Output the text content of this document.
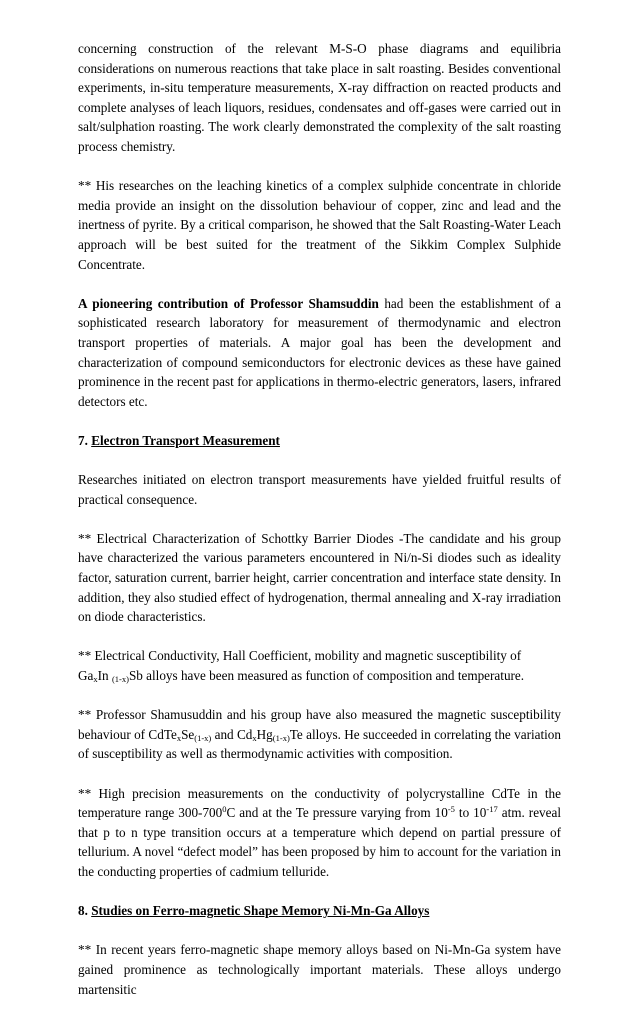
concerning construction of the relevant M-S-O phase diagrams and equilibria considerations on numerous reactions that take place in salt roasting. Besides conventional experiments, in-situ temperature measurements, X-ray diffraction on reacted products and complete analyses of leach liquors, residues, condensates and off-gases were carried out in salt/sulphation roasting. The work clearly demonstrated the complexity of the salt roasting process chemistry.

** His researches on the leaching kinetics of a complex sulphide concentrate in chloride media provide an insight on the dissolution behaviour of copper, zinc and lead and the inertness of pyrite. By a critical comparison, he showed that the Salt Roasting-Water Leach approach will be best suited for the treatment of the Sikkim Complex Sulphide Concentrate.

A pioneering contribution of Professor Shamsuddin had been the establishment of a sophisticated research laboratory for measurement of thermodynamic and electron transport properties of materials. A major goal has been the development and characterization of compound semiconductors for electronic devices as these have gained prominence in the recent past for applications in thermo-electric generators, lasers, infrared detectors etc.

7. Electron Transport Measurement

Researches initiated on electron transport measurements have yielded fruitful results of practical consequence.

** Electrical Characterization of Schottky Barrier Diodes -The candidate and his group have characterized the various parameters encountered in Ni/n-Si diodes such as ideality factor, saturation current, barrier height, carrier concentration and interface state density. In addition, they also studied effect of hydrogenation, thermal annealing and X-ray irradiation on diode characteristics.

** Electrical Conductivity, Hall Coefficient, mobility and magnetic susceptibility of
$Ga_xIn$ $_{(1-x)}$Sb alloys have been measured as function of composition and temperature.

** Professor Shamusuddin and his group have also measured the magnetic susceptibility behaviour of $CdTe_xSe_{(1-x)}$ and $Cd_xHg_{(1-x)}Te$ alloys. He succeeded in correlating the variation of susceptibility as well as thermodynamic activities with composition.

** High precision measurements on the conductivity of polycrystalline CdTe in the temperature range $300-700^0C$ and at the Te pressure varying from $10^{-5}$ to $10^{-17}$ atm. reveal that p to n type transition occurs at a temperature which depend on partial pressure of tellurium. A novel “defect model” has been proposed by him to account for the variation in the conducting properties of cadmium telluride.

8. Studies on Ferro-magnetic Shape Memory Ni-Mn-Ga Alloys

** In recent years ferro-magnetic shape memory alloys based on Ni-Mn-Ga system have gained prominence as technologically important materials. These alloys undergo martensitic
